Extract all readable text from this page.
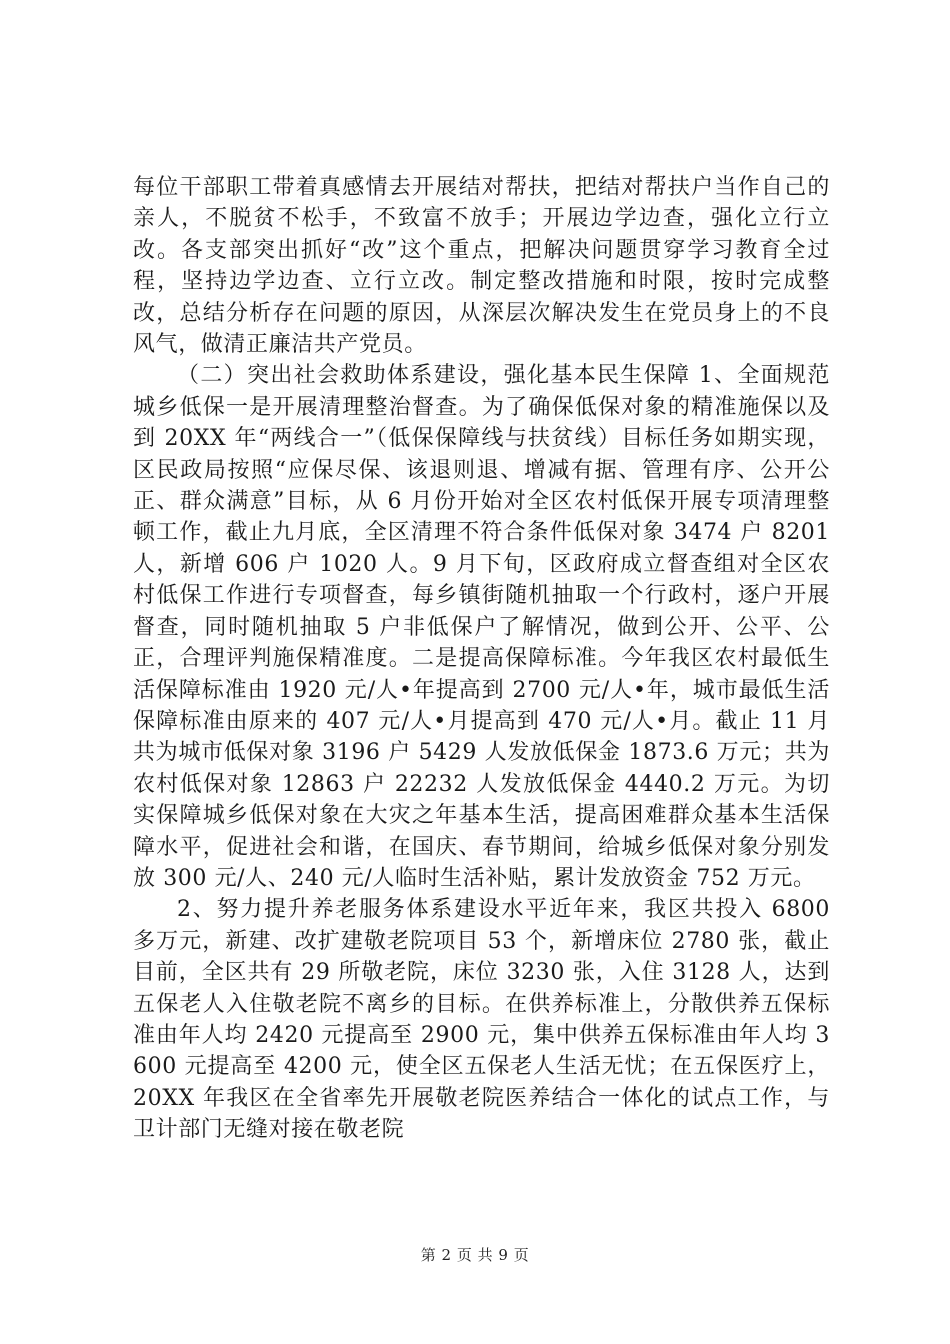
每位干部职工带着真感情去开展结对帮扶，把结对帮扶户当作自己的亲人，不脱贫不松手，不致富不放手；开展边学边查，强化立行立改。各支部突出抓好“改”这个重点，把解决问题贯穿学习教育全过程，坚持边学边查、立行立改。制定整改措施和时限，按时完成整改，总结分析存在问题的原因，从深层次解决发生在党员身上的不良风气，做清正廉洁共产党员。

（二）突出社会救助体系建设，强化基本民生保障 1、全面规范城乡低保一是开展清理整治督查。为了确保低保对象的精准施保以及到 20XX 年“两线合一”（低保保障线与扶贫线）目标任务如期实现，区民政局按照“应保尽保、该退则退、增减有据、管理有序、公开公正、群众满意”目标，从 6 月份开始对全区农村低保开展专项清理整顿工作，截止九月底，全区清理不符合条件低保对象 3474 户 8201 人，新增 606 户 1020 人。9 月下旬，区政府成立督查组对全区农村低保工作进行专项督查，每乡镇街随机抽取一个行政村，逐户开展督查，同时随机抽取 5 户非低保户了解情况，做到公开、公平、公正，合理评判施保精准度。二是提高保障标准。今年我区农村最低生活保障标准由 1920 元/人•年提高到 2700 元/人•年，城市最低生活保障标准由原来的 407 元/人•月提高到 470 元/人•月。截止 11 月共为城市低保对象 3196 户 5429 人发放低保金 1873.6 万元；共为农村低保对象 12863 户 22232 人发放低保金 4440.2 万元。为切实保障城乡低保对象在大灾之年基本生活，提高困难群众基本生活保障水平，促进社会和谐，在国庆、春节期间，给城乡低保对象分别发放 300 元/人、240 元/人临时生活补贴，累计发放资金 752 万元。

2、努力提升养老服务体系建设水平近年来，我区共投入 6800 多万元，新建、改扩建敬老院项目 53 个，新增床位 2780 张，截止目前，全区共有 29 所敬老院，床位 3230 张，入住 3128 人，达到五保老人入住敬老院不离乡的目标。在供养标准上，分散供养五保标准由年人均 2420 元提高至 2900 元，集中供养五保标准由年人均 3600 元提高至 4200 元，使全区五保老人生活无忧；在五保医疗上，20XX 年我区在全省率先开展敬老院医养结合一体化的试点工作，与卫计部门无缝对接在敬老院

第 2 页 共 9 页
